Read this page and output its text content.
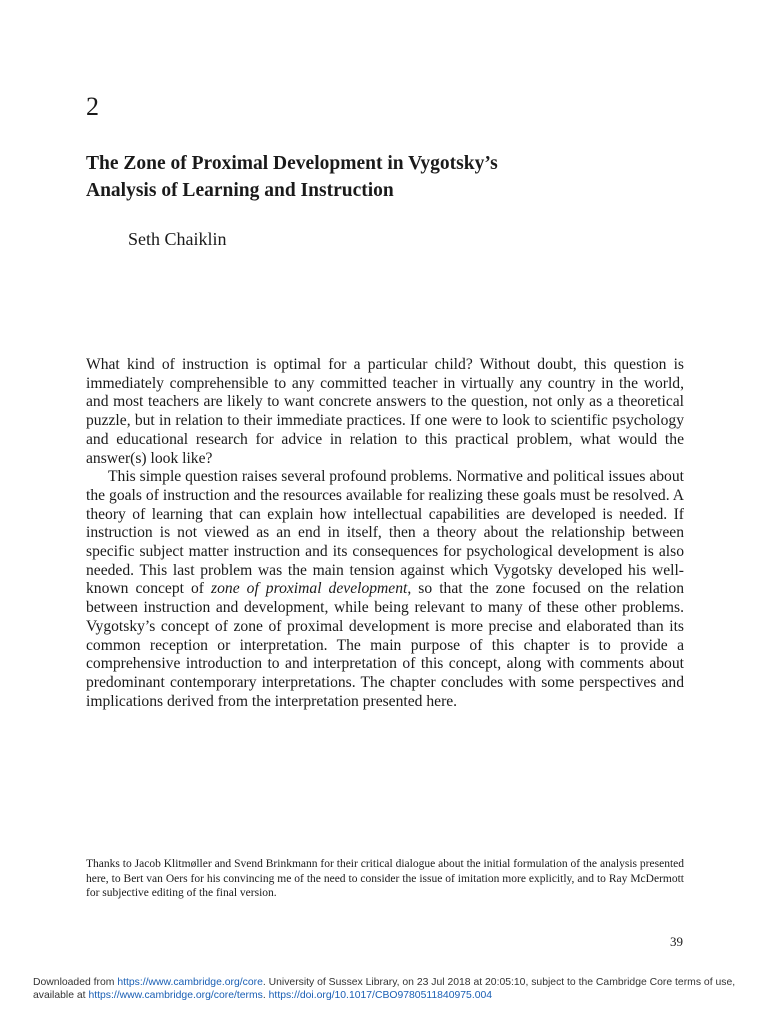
2
The Zone of Proximal Development in Vygotsky’s
Analysis of Learning and Instruction
Seth Chaiklin

What kind of instruction is optimal for a particular child? Without doubt, this question is immediately comprehensible to any committed teacher in virtually any country in the world, and most teachers are likely to want concrete answers to the question, not only as a theoretical puzzle, but in relation to their immediate practices. If one were to look to scientific psychology and educational research for advice in relation to this practical problem, what would the answer(s) look like?

This simple question raises several profound problems. Normative and political issues about the goals of instruction and the resources available for realizing these goals must be resolved. A theory of learning that can explain how intellectual capabilities are developed is needed. If instruction is not viewed as an end in itself, then a theory about the relationship between specific subject matter instruction and its consequences for psychological development is also needed. This last problem was the main tension against which Vygotsky developed his well-known concept of zone of proximal development, so that the zone focused on the relation between instruction and development, while being relevant to many of these other problems. Vygotsky’s concept of zone of proximal development is more precise and elaborated than its common reception or interpretation. The main purpose of this chapter is to provide a comprehensive introduction to and interpretation of this concept, along with comments about predominant contemporary interpretations. The chapter concludes with some perspectives and implications derived from the interpretation presented here.

Thanks to Jacob Klitmøller and Svend Brinkmann for their critical dialogue about the initial formulation of the analysis presented here, to Bert van Oers for his convincing me of the need to consider the issue of imitation more explicitly, and to Ray McDermott for subjective editing of the final version.
39
Downloaded from https://www.cambridge.org/core. University of Sussex Library, on 23 Jul 2018 at 20:05:10, subject to the Cambridge Core terms of use, available at https://www.cambridge.org/core/terms. https://doi.org/10.1017/CBO9780511840975.004
